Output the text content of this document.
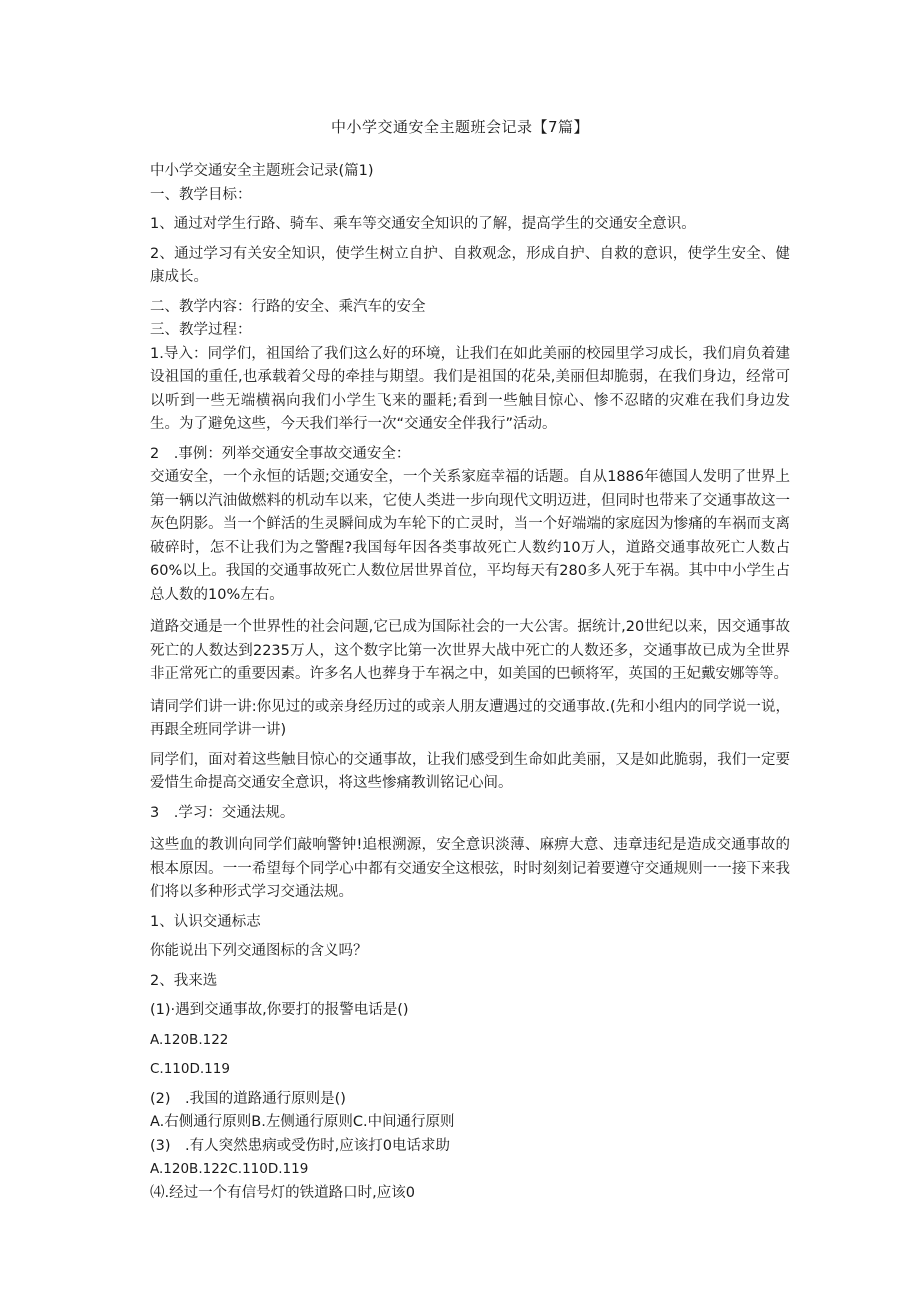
中小学交通安全主题班会记录【7篇】

中小学交通安全主题班会记录(篇1)

一、教学目标：

1、通过对学生行路、骑车、乘车等交通安全知识的了解，提高学生的交通安全意识。

2、通过学习有关安全知识，使学生树立自护、自救观念，形成自护、自救的意识，使学生安全、健康成长。

二、教学内容：行路的安全、乘汽车的安全

三、教学过程：

1.导入：同学们，祖国给了我们这么好的环境，让我们在如此美丽的校园里学习成长，我们肩负着建设祖国的重任,也承载着父母的牵挂与期望。我们是祖国的花朵,美丽但却脆弱，在我们身边，经常可以听到一些无端横祸向我们小学生飞来的噩耗;看到一些触目惊心、惨不忍睹的灾难在我们身边发生。为了避免这些，今天我们举行一次“交通安全伴我行”活动。

2　.事例：列举交通安全事故交通安全：

交通安全，一个永恒的话题;交通安全，一个关系家庭幸福的话题。自从1886年德国人发明了世界上第一辆以汽油做燃料的机动车以来，它使人类进一步向现代文明迈进，但同时也带来了交通事故这一灰色阴影。当一个鲜活的生灵瞬间成为车轮下的亡灵时，当一个好端端的家庭因为惨痛的车祸而支离破碎时，怎不让我们为之警醒?我国每年因各类事故死亡人数约10万人，道路交通事故死亡人数占60%以上。我国的交通事故死亡人数位居世界首位，平均每天有280多人死于车祸。其中中小学生占总人数的10%左右。

道路交通是一个世界性的社会问题,它已成为国际社会的一大公害。据统计,20世纪以来，因交通事故死亡的人数达到2235万人，这个数字比第一次世界大战中死亡的人数还多，交通事故已成为全世界非正常死亡的重要因素。许多名人也葬身于车祸之中，如美国的巴顿将军，英国的王妃戴安娜等等。

请同学们讲一讲:你见过的或亲身经历过的或亲人朋友遭遇过的交通事故.(先和小组内的同学说一说，再跟全班同学讲一讲)

同学们，面对着这些触目惊心的交通事故，让我们感受到生命如此美丽，又是如此脆弱，我们一定要爱惜生命提高交通安全意识，将这些惨痛教训铭记心间。

3　.学习：交通法规。

这些血的教训向同学们敲响警钟!追根溯源，安全意识淡薄、麻痹大意、违章违纪是造成交通事故的根本原因。一一希望每个同学心中都有交通安全这根弦，时时刻刻记着要遵守交通规则一一接下来我们将以多种形式学习交通法规。

1、认识交通标志

你能说出下列交通图标的含义吗？

2、我来选

(1)·遇到交通事故,你要打的报警电话是()

A.120B.122

C.110D.119

(2)　.我国的道路通行原则是()

A.右侧通行原则B.左侧通行原则C.中间通行原则

(3)　.有人突然患病或受伤时,应该打0电话求助

A.120B.122C.110D.119

⑷.经过一个有信号灯的铁道路口时,应该0
